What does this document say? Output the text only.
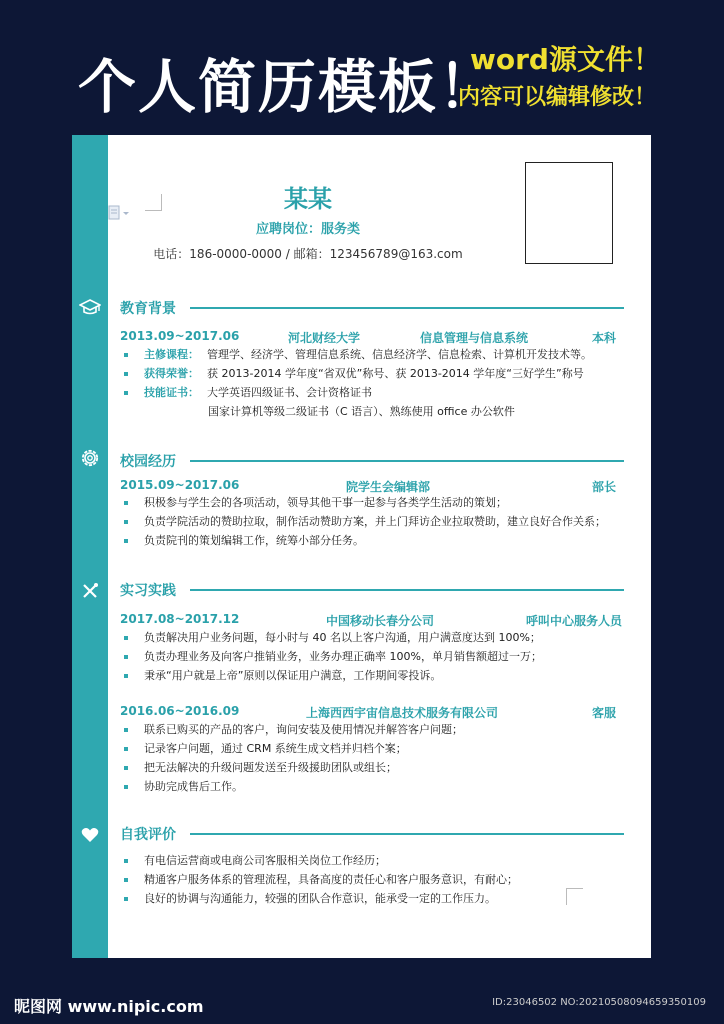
个人简历模板！
word源文件！
内容可以编辑修改！
某某
应聘岗位：服务类
电话：186-0000-0000 / 邮箱：123456789@163.com
教育背景
2013.09~2017.06	河北财经大学	信息管理与信息系统	本科
主修课程： 管理学、经济学、管理信息系统、信息经济学、信息检索、计算机开发技术等。
获得荣誉： 获 2013-2014 学年度“省双优”称号、获 2013-2014 学年度“三好学生”称号
技能证书： 大学英语四级证书、会计资格证书
国家计算机等级二级证书（C 语言）、熟练使用 office 办公软件
校园经历
2015.09~2017.06	院学生会编辑部	部长
积极参与学生会的各项活动，领导其他干事一起参与各类学生活动的策划；
负责学院活动的赞助拉取，制作活动赞助方案，并上门拜访企业拉取赞助，建立良好合作关系；
负责院刊的策划编辑工作，统筹小部分任务。
实习实践
2017.08~2017.12	中国移动长春分公司	呼叫中心服务人员
负责解决用户业务问题，每小时与 40 名以上客户沟通，用户满意度达到 100%；
负责办理业务及向客户推销业务，业务办理正确率 100%，单月销售额超过一万；
秉承“用户就是上帝”原则以保证用户满意，工作期间零投诉。
2016.06~2016.09	上海西西宇宙信息技术服务有限公司	客服
联系已购买的产品的客户，询问安装及使用情况并解答客户问题；
记录客户问题，通过 CRM 系统生成文档并归档个案；
把无法解决的升级问题发送至升级援助团队或组长；
协助完成售后工作。
自我评价
有电信运营商或电商公司客服相关岗位工作经历；
精通客户服务体系的管理流程，具备高度的责任心和客户服务意识，有耐心；
良好的协调与沟通能力，较强的团队合作意识，能承受一定的工作压力。
昵图网 www.nipic.com	ID:23046502 NO:20210508094659350109
